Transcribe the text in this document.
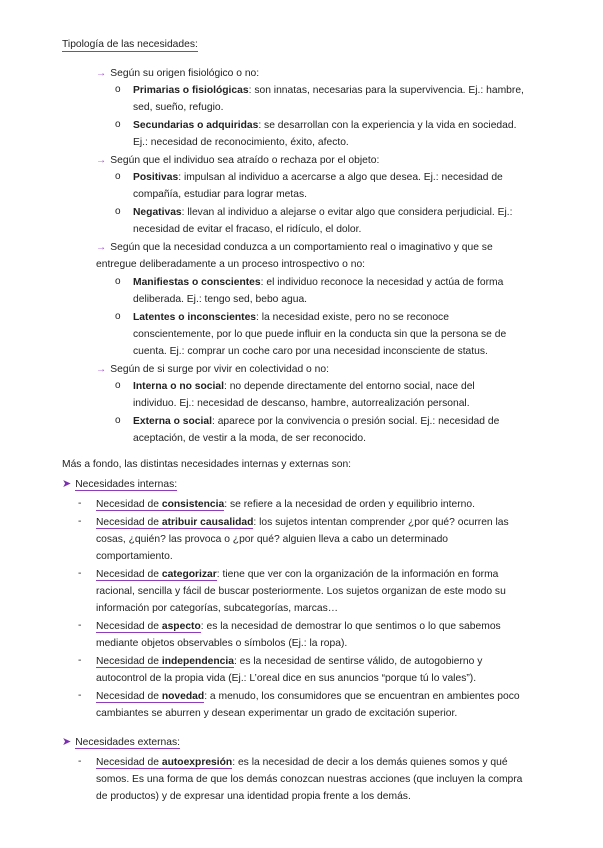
Tipología de las necesidades:
→ Según su origen fisiológico o no:
o Primarias o fisiológicas: son innatas, necesarias para la supervivencia. Ej.: hambre,
sed, sueño, refugio.
o Secundarias o adquiridas: se desarrollan con la experiencia y la vida en sociedad.
Ej.: necesidad de reconocimiento, éxito, afecto.
→ Según que el individuo sea atraído o rechaza por el objeto:
o Positivas: impulsan al individuo a acercarse a algo que desea. Ej.: necesidad de
compañía, estudiar para lograr metas.
o Negativas: llevan al individuo a alejarse o evitar algo que considera perjudicial. Ej.:
necesidad de evitar el fracaso, el ridículo, el dolor.
→ Según que la necesidad conduzca a un comportamiento real o imaginativo y que se
entregue deliberadamente a un proceso introspectivo o no:
o Manifiestas o conscientes: el individuo reconoce la necesidad y actúa de forma
deliberada. Ej.: tengo sed, bebo agua.
o Latentes o inconscientes: la necesidad existe, pero no se reconoce
conscientemente, por lo que puede influir en la conducta sin que la persona se de
cuenta. Ej.: comprar un coche caro por una necesidad inconsciente de status.
→ Según de si surge por vivir en colectividad o no:
o Interna o no social: no depende directamente del entorno social, nace del
individuo. Ej.: necesidad de descanso, hambre, autorrealización personal.
o Externa o social: aparece por la convivencia o presión social. Ej.: necesidad de
aceptación, de vestir a la moda, de ser reconocido.
Más a fondo, las distintas necesidades internas y externas son:
➤ Necesidades internas:
- Necesidad de consistencia: se refiere a la necesidad de orden y equilibrio interno.
- Necesidad de atribuir causalidad: los sujetos intentan comprender ¿por qué? ocurren las
cosas, ¿quién? las provoca o ¿por qué? alguien lleva a cabo un determinado
comportamiento.
- Necesidad de categorizar: tiene que ver con la organización de la información en forma
racional, sencilla y fácil de buscar posteriormente. Los sujetos organizan de este modo su
información por categorías, subcategorías, marcas…
- Necesidad de aspecto: es la necesidad de demostrar lo que sentimos o lo que sabemos
mediante objetos observables o símbolos (Ej.: la ropa).
- Necesidad de independencia: es la necesidad de sentirse válido, de autogobierno y
autocontrol de la propia vida (Ej.: L’oreal dice en sus anuncios “porque tú lo vales”).
- Necesidad de novedad: a menudo, los consumidores que se encuentran en ambientes poco
cambiantes se aburren y desean experimentar un grado de excitación superior.
➤ Necesidades externas:
- Necesidad de autoexpresión: es la necesidad de decir a los demás quienes somos y qué
somos. Es una forma de que los demás conozcan nuestras acciones (que incluyen la compra
de productos) y de expresar una identidad propia frente a los demás.
